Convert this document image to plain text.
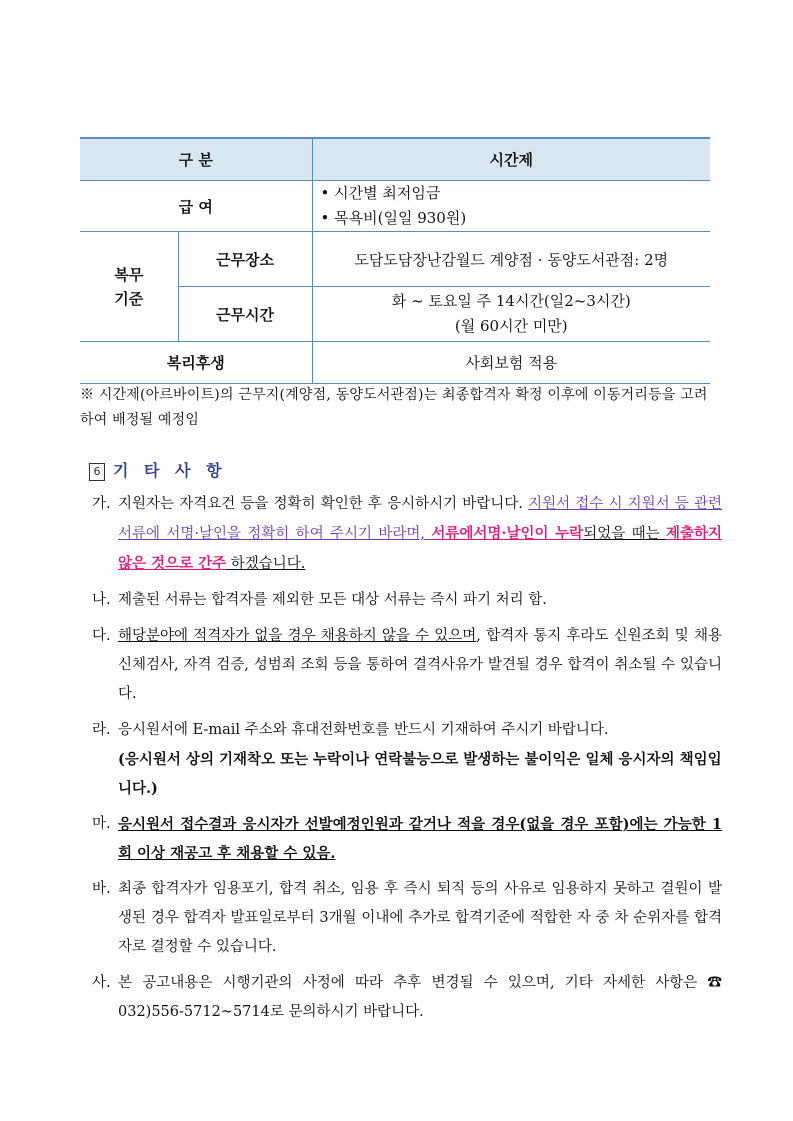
구 분		시간제
급 여		• 시간별 최저임금
• 목욕비(일일 930원)

복무 기준	근무장소	도담도담장난감월드 계양점 · 동양도서관점: 2명
	근무시간	화 ~ 토요일 주 14시간(일2~3시간)
(월 60시간 미만)

복리후생		사회보험 적용
※ 시간제(아르바이트)의 근무지(계양점, 동양도서관점)는 최종합격자 확정 이후에 이동거리등을 고려하여 배정될 예정임
6 기 타 사 항
가. 지원자는 자격요건 등을 정확히 확인한 후 응시하시기 바랍니다. 지원서 접수 시 지원서 등 관련 서류에 서명·날인을 정확히 하여 주시기 바라며, 서류에서명·날인이 누락되었을 때는 제출하지 않은 것으로 간주 하겠습니다.
나. 제출된 서류는 합격자를 제외한 모든 대상 서류는 즉시 파기 처리 함.
다. 해당분야에 적격자가 없을 경우 채용하지 않을 수 있으며, 합격자 통지 후라도 신원조회 및 채용신체검사, 자격 검증, 성범죄 조회 등을 통하여 결격사유가 발견될 경우 합격이 취소될 수 있습니다.
라. 응시원서에 E-mail 주소와 휴대전화번호를 반드시 기재하여 주시기 바랍니다.
(응시원서 상의 기재착오 또는 누락이나 연락불능으로 발생하는 불이익은 일체 응시자의 책임입니다.)
마. 응시원서 접수결과 응시자가 선발예정인원과 같거나 적을 경우(없을 경우 포함)에는 가능한 1회 이상 재공고 후 채용할 수 있음.
바. 최종 합격자가 임용포기, 합격 취소, 임용 후 즉시 퇴직 등의 사유로 임용하지 못하고 결원이 발생된 경우 합격자 발표일로부터 3개월 이내에 추가로 합격기준에 적합한 자 중 차 순위자를 합격자로 결정할 수 있습니다.
사. 본 공고내용은 시행기관의 사정에 따라 추후 변경될 수 있으며, 기타 자세한 사항은 ☎ 032)556-5712~5714로 문의하시기 바랍니다.
